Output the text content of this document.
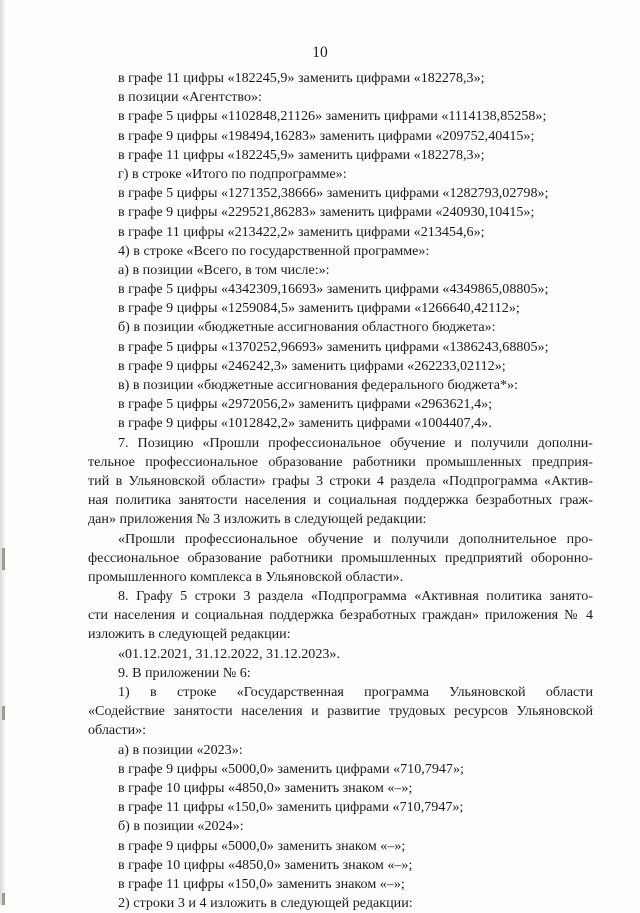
10
в графе 11 цифры «182245,9» заменить цифрами «182278,3»;
в позиции «Агентство»:
в графе 5 цифры «1102848,21126» заменить цифрами «1114138,85258»;
в графе 9 цифры «198494,16283» заменить цифрами «209752,40415»;
в графе 11 цифры «182245,9» заменить цифрами «182278,3»;
г) в строке «Итого по подпрограмме»:
в графе 5 цифры «1271352,38666» заменить цифрами «1282793,02798»;
в графе 9 цифры «229521,86283» заменить цифрами «240930,10415»;
в графе 11 цифры «213422,2» заменить цифрами «213454,6»;
4) в строке «Всего по государственной программе»:
а) в позиции «Всего, в том числе:»:
в графе 5 цифры «4342309,16693» заменить цифрами «4349865,08805»;
в графе 9 цифры «1259084,5» заменить цифрами «1266640,42112»;
б) в позиции «бюджетные ассигнования областного бюджета»:
в графе 5 цифры «1370252,96693» заменить цифрами «1386243,68805»;
в графе 9 цифры «246242,3» заменить цифрами «262233,02112»;
в) в позиции «бюджетные ассигнования федерального бюджета*»:
в графе 5 цифры «2972056,2» заменить цифрами «2963621,4»;
в графе 9 цифры «1012842,2» заменить цифрами «1004407,4».
7. Позицию «Прошли профессиональное обучение и получили дополни-
тельное профессиональное образование работники промышленных предприя-
тий в Ульяновской области» графы 3 строки 4 раздела «Подпрограмма «Актив-
ная политика занятости населения и социальная поддержка безработных граж-
дан» приложения № 3 изложить в следующей редакции:
«Прошли профессиональное обучение и получили дополнительное про-
фессиональное образование работники промышленных предприятий оборонно-
промышленного комплекса в Ульяновской области».
8. Графу 5 строки 3 раздела «Подпрограмма «Активная политика занято-
сти населения и социальная поддержка безработных граждан» приложения № 4
изложить в следующей редакции:
«01.12.2021, 31.12.2022, 31.12.2023».
9. В приложении № 6:
1) в строке «Государственная программа Ульяновской области
«Содействие занятости населения и развитие трудовых ресурсов Ульяновской
области»:
а) в позиции «2023»:
в графе 9 цифры «5000,0» заменить цифрами «710,7947»;
в графе 10 цифры «4850,0» заменить знаком «–»;
в графе 11 цифры «150,0» заменить цифрами «710,7947»;
б) в позиции «2024»:
в графе 9 цифры «5000,0» заменить знаком «–»;
в графе 10 цифры «4850,0» заменить знаком «–»;
в графе 11 цифры «150,0» заменить знаком «–»;
2) строки 3 и 4 изложить в следующей редакции:
